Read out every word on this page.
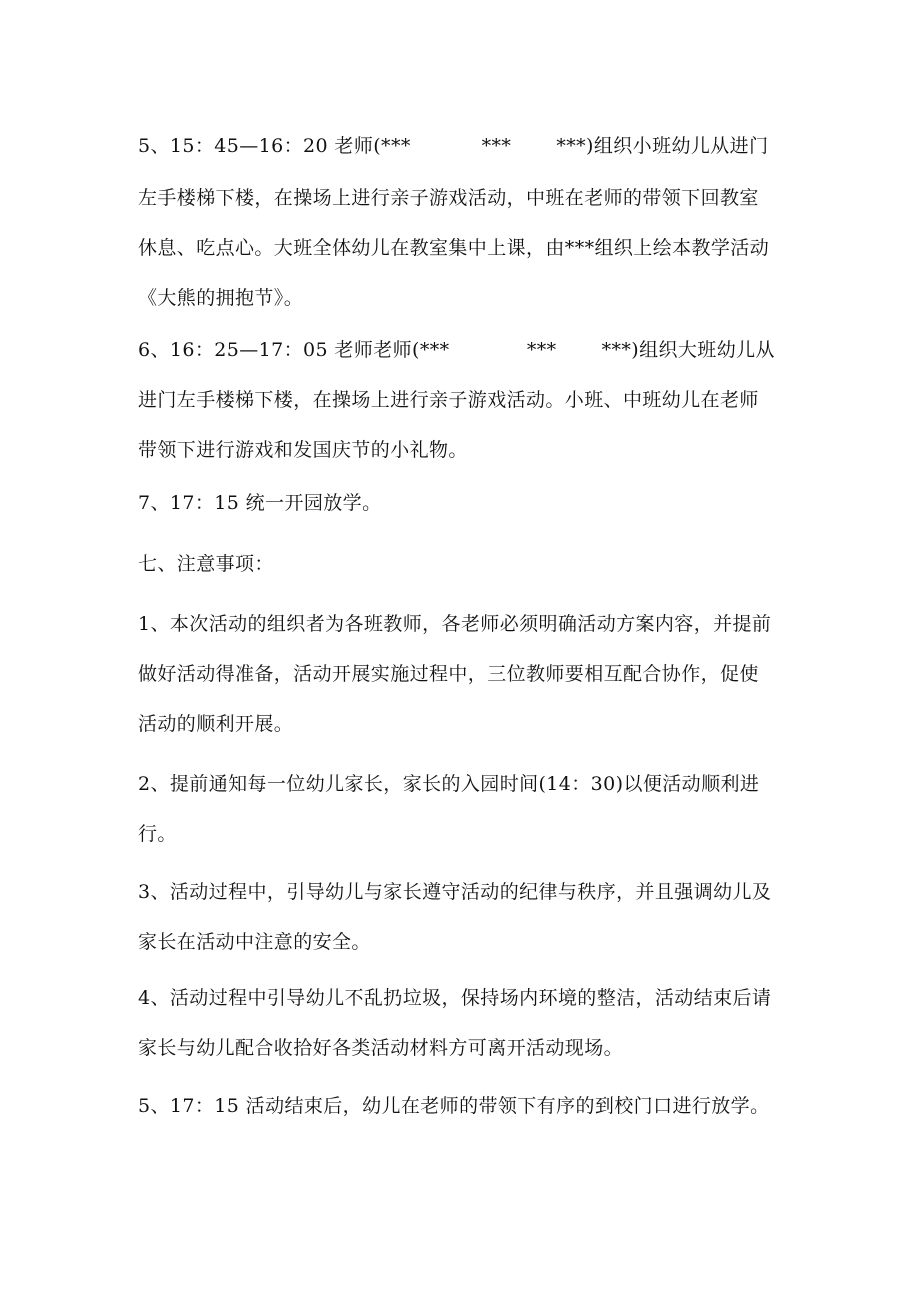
5、15：45—16：20 老师(***           ***       ***)组织小班幼儿从进门
左手楼梯下楼，在操场上进行亲子游戏活动，中班在老师的带领下回教室
休息、吃点心。大班全体幼儿在教室集中上课，由***组织上绘本教学活动
《大熊的拥抱节》。
6、16：25—17：05 老师老师(***            ***       ***)组织大班幼儿从
进门左手楼梯下楼，在操场上进行亲子游戏活动。小班、中班幼儿在老师
带领下进行游戏和发国庆节的小礼物。
7、17：15 统一开园放学。
七、注意事项：
1、本次活动的组织者为各班教师，各老师必须明确活动方案内容，并提前
做好活动得准备，活动开展实施过程中，三位教师要相互配合协作，促使
活动的顺利开展。
2、提前通知每一位幼儿家长，家长的入园时间(14：30)以便活动顺利进
行。
3、活动过程中，引导幼儿与家长遵守活动的纪律与秩序，并且强调幼儿及
家长在活动中注意的安全。
4、活动过程中引导幼儿不乱扔垃圾，保持场内环境的整洁，活动结束后请
家长与幼儿配合收拾好各类活动材料方可离开活动现场。
5、17：15 活动结束后，幼儿在老师的带领下有序的到校门口进行放学。
